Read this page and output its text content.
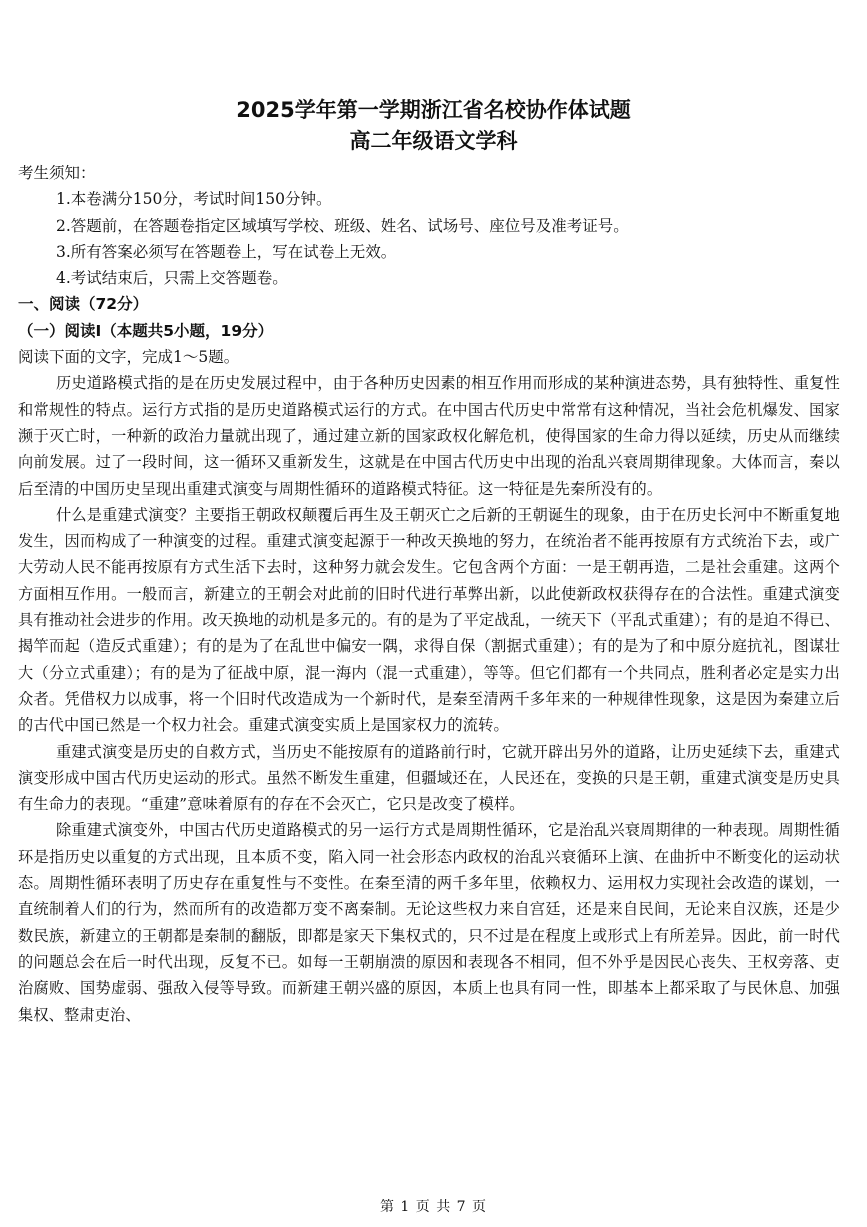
2025学年第一学期浙江省名校协作体试题
高二年级语文学科
考生须知：
1.本卷满分150分，考试时间150分钟。
2.答题前，在答题卷指定区域填写学校、班级、姓名、试场号、座位号及准考证号。
3.所有答案必须写在答题卷上，写在试卷上无效。
4.考试结束后，只需上交答题卷。
一、阅读（72分）
（一）阅读Ⅰ（本题共5小题，19分）
阅读下面的文字，完成1～5题。

历史道路模式指的是在历史发展过程中，由于各种历史因素的相互作用而形成的某种演进态势，具有独特性、重复性和常规性的特点。运行方式指的是历史道路模式运行的方式。在中国古代历史中常常有这种情况，当社会危机爆发、国家濒于灭亡时，一种新的政治力量就出现了，通过建立新的国家政权化解危机，使得国家的生命力得以延续，历史从而继续向前发展。过了一段时间，这一循环又重新发生，这就是在中国古代历史中出现的治乱兴衰周期律现象。大体而言，秦以后至清的中国历史呈现出重建式演变与周期性循环的道路模式特征。这一特征是先秦所没有的。

什么是重建式演变？主要指王朝政权颠覆后再生及王朝灭亡之后新的王朝诞生的现象，由于在历史长河中不断重复地发生，因而构成了一种演变的过程。重建式演变起源于一种改天换地的努力，在统治者不能再按原有方式统治下去，或广大劳动人民不能再按原有方式生活下去时，这种努力就会发生。它包含两个方面：一是王朝再造，二是社会重建。这两个方面相互作用。一般而言，新建立的王朝会对此前的旧时代进行革弊出新，以此使新政权获得存在的合法性。重建式演变具有推动社会进步的作用。改天换地的动机是多元的。有的是为了平定战乱，一统天下（平乱式重建）；有的是迫不得已、揭竿而起（造反式重建）；有的是为了在乱世中偏安一隅，求得自保（割据式重建）；有的是为了和中原分庭抗礼，图谋壮大（分立式重建）；有的是为了征战中原，混一海内（混一式重建），等等。但它们都有一个共同点，胜利者必定是实力出众者。凭借权力以成事，将一个旧时代改造成为一个新时代，是秦至清两千多年来的一种规律性现象，这是因为秦建立后的古代中国已然是一个权力社会。重建式演变实质上是国家权力的流转。

重建式演变是历史的自救方式，当历史不能按原有的道路前行时，它就开辟出另外的道路，让历史延续下去，重建式演变形成中国古代历史运动的形式。虽然不断发生重建，但疆域还在，人民还在，变换的只是王朝，重建式演变是历史具有生命力的表现。“重建”意味着原有的存在不会灭亡，它只是改变了模样。

除重建式演变外，中国古代历史道路模式的另一运行方式是周期性循环，它是治乱兴衰周期律的一种表现。周期性循环是指历史以重复的方式出现，且本质不变，陷入同一社会形态内政权的治乱兴衰循环上演、在曲折中不断变化的运动状态。周期性循环表明了历史存在重复性与不变性。在秦至清的两千多年里，依赖权力、运用权力实现社会改造的谋划，一直统制着人们的行为，然而所有的改造都万变不离秦制。无论这些权力来自宫廷，还是来自民间，无论来自汉族，还是少数民族，新建立的王朝都是秦制的翻版，即都是家天下集权式的，只不过是在程度上或形式上有所差异。因此，前一时代的问题总会在后一时代出现，反复不已。如每一王朝崩溃的原因和表现各不相同，但不外乎是因民心丧失、王权旁落、吏治腐败、国势虚弱、强敌入侵等导致。而新建王朝兴盛的原因，本质上也具有同一性，即基本上都采取了与民休息、加强集权、整肃吏治、

第 1 页 共 7 页
